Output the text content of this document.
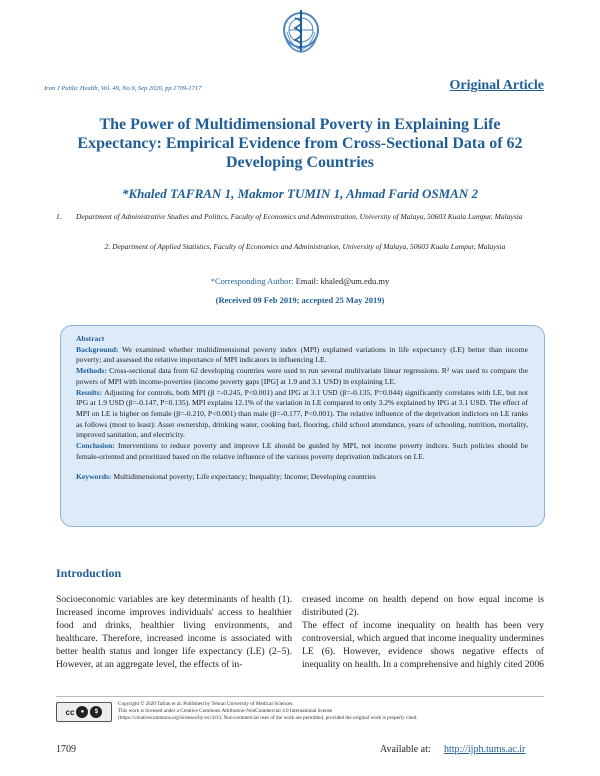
Iran J Public Health, Vol. 49, No.9, Sep 2020, pp.1709-1717	Original Article
The Power of Multidimensional Poverty in Explaining Life Expectancy: Empirical Evidence from Cross-Sectional Data of 62 Developing Countries
*Khaled TAFRAN 1, Makmor TUMIN 1, Ahmad Farid OSMAN 2
1.	Department of Administrative Studies and Politics, Faculty of Economics and Administration, University of Malaya, 50603 Kuala Lumpur, Malaysia
2. Department of Applied Statistics, Faculty of Economics and Administration, University of Malaya, 50603 Kuala Lumpur, Malaysia
*Corresponding Author: Email: khaled@um.edu.my
(Received 09 Feb 2019; accepted 25 May 2019)

Abstract

Background: We examined whether multidimensional poverty index (MPI) explained variations in life expectancy (LE) better than income poverty; and assessed the relative importance of MPI indicators in influencing LE.

Methods: Cross-sectional data from 62 developing countries were used to run several multivariate linear regressions. R² was used to compare the powers of MPI with income-poverties (income poverty gaps [IPG] at 1.9 and 3.1 USD) in explaining LE.

Results: Adjusting for controls, both MPI (β =-0.245, P<0.001) and IPG at 3.1 USD (β=-0.135, P=0.044) significantly correlates with LE, but not IPG at 1.9 USD (β=-0.147, P=0.135). MPI explains 12.1% of the variation in LE compared to only 3.2% explained by IPG at 3.1 USD. The effect of MPI on LE is higher on female (β=-0.210, P<0.001) than male (β=-0.177, P<0.001). The relative influence of the deprivation indictors on LE ranks as follows (most to least): Asset ownership, drinking water, cooking fuel, flooring, child school attendance, years of schooling, nutrition, mortality, improved sanitation, and electricity.

Conclusion: Interventions to reduce poverty and improve LE should be guided by MPI, not income poverty indices. Such policies should be female-oriented and prioritized based on the relative influence of the various poverty deprivation indicators on LE.

Keywords: Multidimensional poverty; Life expectancy; Inequality; Income; Developing countries

Introduction

Socioeconomic variables are key determinants of health (1). Increased income improves individuals' access to healthier food and drinks, healthier living environments, and healthcare. Therefore, increased income is associated with better health status and longer life expectancy (LE) (2–5). However, at an aggregate level, the effects of in-

creased income on health depend on how equal income is distributed (2).

The effect of income inequality on health has been very controversial, which argued that income inequality undermines LE (6). However, evidence shows negative effects of inequality on health. In a comprehensive and highly cited 2006

cc	●	$
Copyright © 2020 Tafran et al. Published by Tehran University of Medical Sciences.
This work is licensed under a Creative Commons Attribution-NonCommercial 4.0 International license
(https://creativecommons.org/licenses/by-nc/4.0/). Non-commercial uses of the work are permitted, provided the original work is properly cited.
1709	Available at: http://ijph.tums.ac.ir
